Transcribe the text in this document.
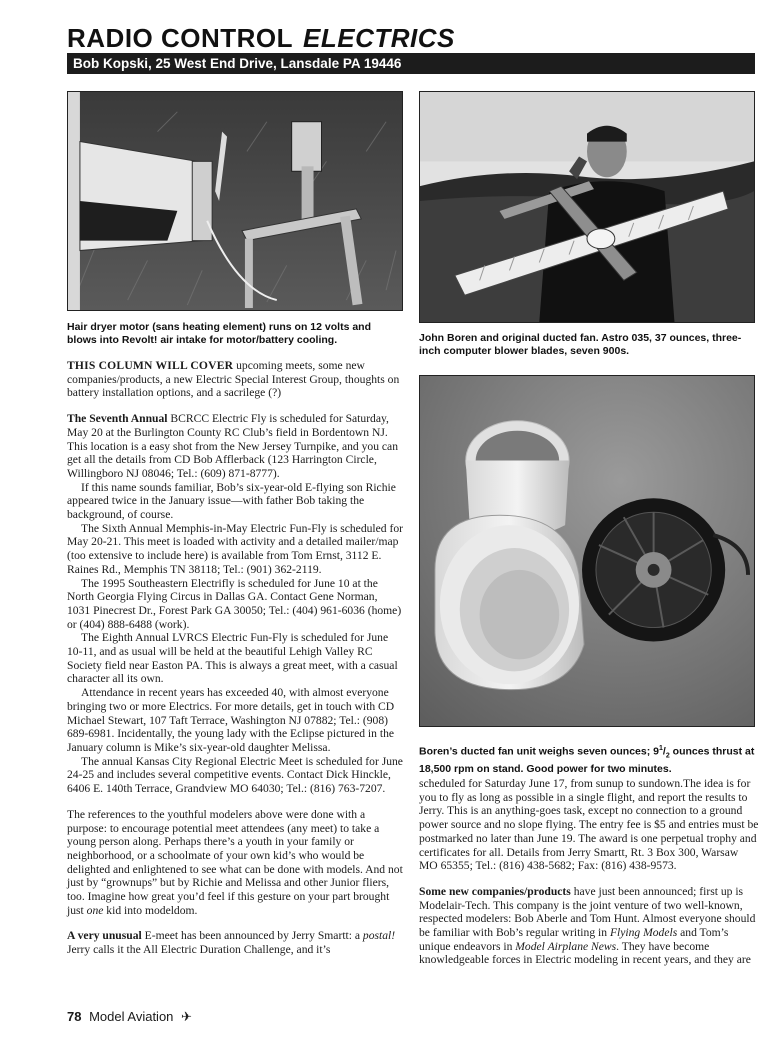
RADIO CONTROL ELECTRICS
Bob Kopski, 25 West End Drive, Lansdale PA 19446
Hair dryer motor (sans heating element) runs on 12 volts and blows into Revolt! air intake for motor/battery cooling.	John Boren and original ducted fan. Astro 035, 37 ounces, three-inch computer blower blades, seven 900s.
Boren’s ducted fan unit weighs seven ounces; $9^1/_2$ ounces thrust at 18,500 rpm on stand. Good power for two minutes.

THIS COLUMN WILL COVER upcoming meets, some new companies/products, a new Electric Special Interest Group, thoughts on battery installation options, and a sacrilege (?)

The Seventh Annual BCRCC Electric Fly is scheduled for Saturday, May 20 at the Burlington County RC Club’s field in Bordentown NJ. This location is a easy shot from the New Jersey Turnpike, and you can get all the details from CD Bob Afflerback (123 Harrington Circle, Willingboro NJ 08046; Tel.: (609) 871-8777).

If this name sounds familiar, Bob’s six-year-old E-flying son Richie appeared twice in the January issue—with father Bob taking the background, of course.

The Sixth Annual Memphis-in-May Electric Fun-Fly is scheduled for May 20-21. This meet is loaded with activity and a detailed mailer/map (too extensive to include here) is available from Tom Ernst, 3112 E. Raines Rd., Memphis TN 38118; Tel.: (901) 362-2119.

The 1995 Southeastern Electrifly is scheduled for June 10 at the North Georgia Flying Circus in Dallas GA. Contact Gene Norman, 1031 Pinecrest Dr., Forest Park GA 30050; Tel.: (404) 961-6036 (home) or (404) 888-6488 (work).

The Eighth Annual LVRCS Electric Fun-Fly is scheduled for June 10-11, and as usual will be held at the beautiful Lehigh Valley RC Society field near Easton PA. This is always a great meet, with a casual character all its own.

Attendance in recent years has exceeded 40, with almost everyone bringing two or more Electrics. For more details, get in touch with CD Michael Stewart, 107 Taft Terrace, Washington NJ 07882; Tel.: (908) 689-6981. Incidentally, the young lady with the Eclipse pictured in the January column is Mike’s six-year-old daughter Melissa.

The annual Kansas City Regional Electric Meet is scheduled for June 24-25 and includes several competitive events. Contact Dick Hinckle, 6406 E. 140th Terrace, Grandview MO 64030; Tel.: (816) 763-7207.

The references to the youthful modelers above were done with a purpose: to encourage potential meet attendees (any meet) to take a young person along. Perhaps there’s a youth in your family or neighborhood, or a schoolmate of your own kid’s who would be delighted and enlightened to see what can be done with models. And not just by “grownups” but by Richie and Melissa and other Junior fliers, too. Imagine how great you’d feel if this gesture on your part brought just one kid into modeldom.

A very unusual E-meet has been announced by Jerry Smartt: a postal! Jerry calls it the All Electric Duration Challenge, and it’s

scheduled for Saturday June 17, from sunup to sundown.The idea is for you to fly as long as possible in a single flight, and report the results to Jerry. This is an anything-goes task, except no connection to a ground power source and no slope flying. The entry fee is $5 and entries must be postmarked no later than June 19. The award is one perpetual trophy and certificates for all. Details from Jerry Smartt, Rt. 3 Box 300, Warsaw MO 65355; Tel.: (816) 438-5682; Fax: (816) 438-9573.

Some new companies/products have just been announced; first up is Modelair-Tech. This company is the joint venture of two well-known, respected modelers: Bob Aberle and Tom Hunt. Almost everyone should be familiar with Bob’s regular writing in Flying Models and Tom’s unique endeavors in Model Airplane News. They have become knowledgeable forces in Electric modeling in recent years, and they are

78 Model Aviation ✈
